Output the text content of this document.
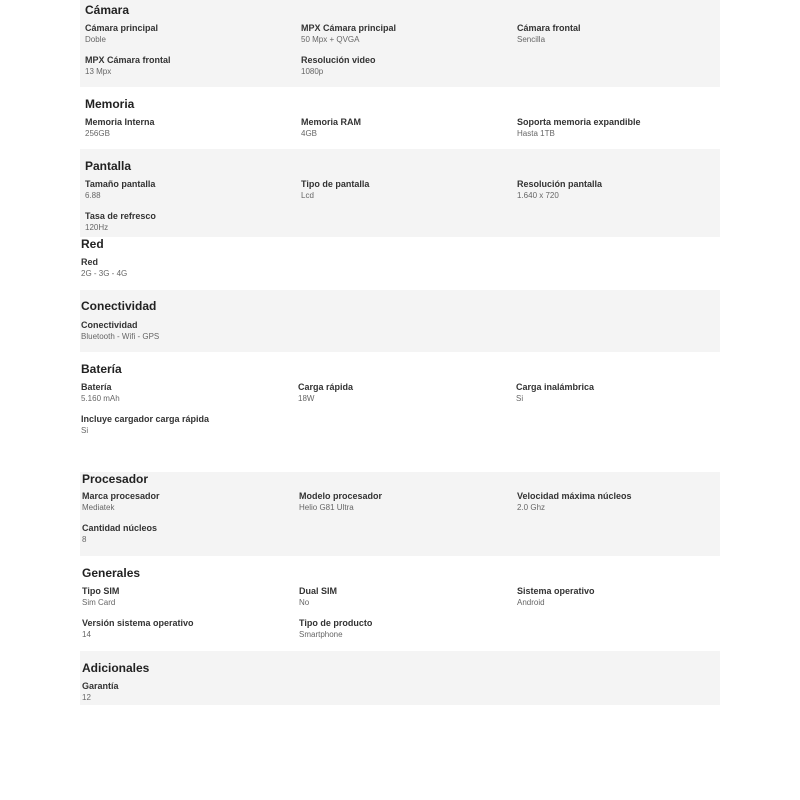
Cámara
Cámara principal
Doble
MPX Cámara principal
50 Mpx + QVGA
Cámara frontal
Sencilla
MPX Cámara frontal
13 Mpx
Resolución video
1080p
Memoria
Memoria Interna
256GB
Memoria RAM
4GB
Soporta memoria expandible
Hasta 1TB
Pantalla
Tamaño pantalla
6.88
Tipo de pantalla
Lcd
Resolución pantalla
1.640 x 720
Tasa de refresco
120Hz
Red
Red
2G - 3G - 4G
Conectividad
Conectividad
Bluetooth - Wifi - GPS
Batería
Batería
5.160 mAh
Carga rápida
18W
Carga inalámbrica
Si
Incluye cargador carga rápida
Si
Procesador
Marca procesador
Mediatek
Modelo procesador
Helio G81 Ultra
Velocidad máxima núcleos
2.0 Ghz
Cantidad núcleos
8
Generales
Tipo SIM
Sim Card
Dual SIM
No
Sistema operativo
Android
Versión sistema operativo
14
Tipo de producto
Smartphone
Adicionales
Garantía
12
